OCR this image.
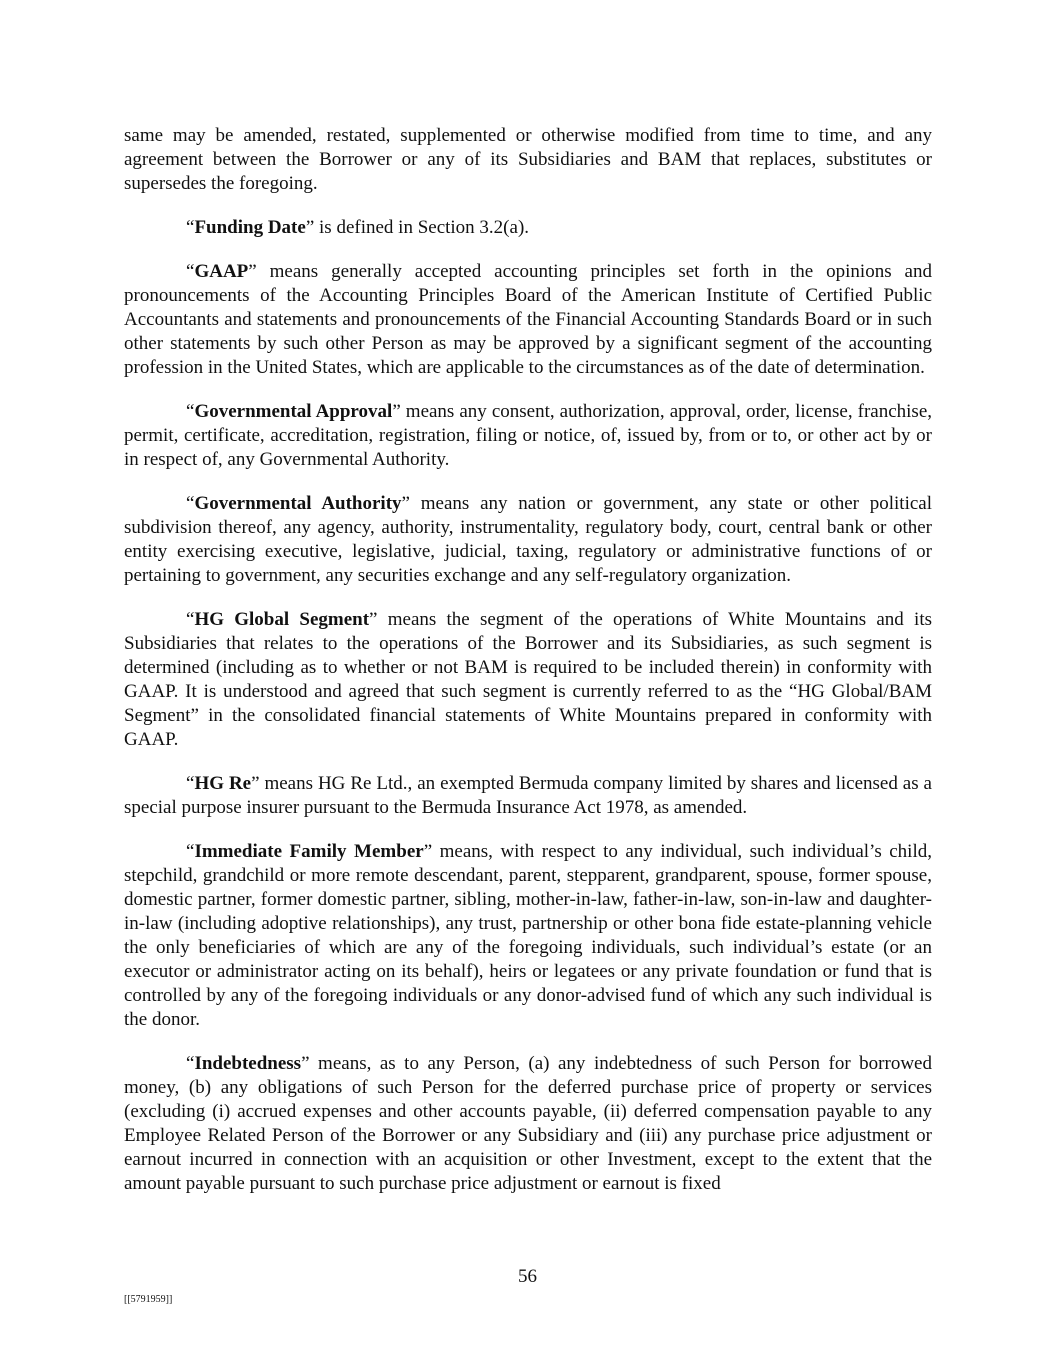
same may be amended, restated, supplemented or otherwise modified from time to time, and any agreement between the Borrower or any of its Subsidiaries and BAM that replaces, substitutes or supersedes the foregoing.

“Funding Date” is defined in Section 3.2(a).

“GAAP” means generally accepted accounting principles set forth in the opinions and pronouncements of the Accounting Principles Board of the American Institute of Certified Public Accountants and statements and pronouncements of the Financial Accounting Standards Board or in such other statements by such other Person as may be approved by a significant segment of the accounting profession in the United States, which are applicable to the circumstances as of the date of determination.

“Governmental Approval” means any consent, authorization, approval, order, license, franchise, permit, certificate, accreditation, registration, filing or notice, of, issued by, from or to, or other act by or in respect of, any Governmental Authority.

“Governmental Authority” means any nation or government, any state or other political subdivision thereof, any agency, authority, instrumentality, regulatory body, court, central bank or other entity exercising executive, legislative, judicial, taxing, regulatory or administrative functions of or pertaining to government, any securities exchange and any self-regulatory organization.

“HG Global Segment” means the segment of the operations of White Mountains and its Subsidiaries that relates to the operations of the Borrower and its Subsidiaries, as such segment is determined (including as to whether or not BAM is required to be included therein) in conformity with GAAP. It is understood and agreed that such segment is currently referred to as the “HG Global/BAM Segment” in the consolidated financial statements of White Mountains prepared in conformity with GAAP.

“HG Re” means HG Re Ltd., an exempted Bermuda company limited by shares and licensed as a special purpose insurer pursuant to the Bermuda Insurance Act 1978, as amended.

“Immediate Family Member” means, with respect to any individual, such individual’s child, stepchild, grandchild or more remote descendant, parent, stepparent, grandparent, spouse, former spouse, domestic partner, former domestic partner, sibling, mother-in-law, father-in-law, son-in-law and daughter-in-law (including adoptive relationships), any trust, partnership or other bona fide estate-planning vehicle the only beneficiaries of which are any of the foregoing individuals, such individual’s estate (or an executor or administrator acting on its behalf), heirs or legatees or any private foundation or fund that is controlled by any of the foregoing individuals or any donor-advised fund of which any such individual is the donor.

“Indebtedness” means, as to any Person, (a) any indebtedness of such Person for borrowed money, (b) any obligations of such Person for the deferred purchase price of property or services (excluding (i) accrued expenses and other accounts payable, (ii) deferred compensation payable to any Employee Related Person of the Borrower or any Subsidiary and (iii) any purchase price adjustment or earnout incurred in connection with an acquisition or other Investment, except to the extent that the amount payable pursuant to such purchase price adjustment or earnout is fixed

56
[[5791959]]
